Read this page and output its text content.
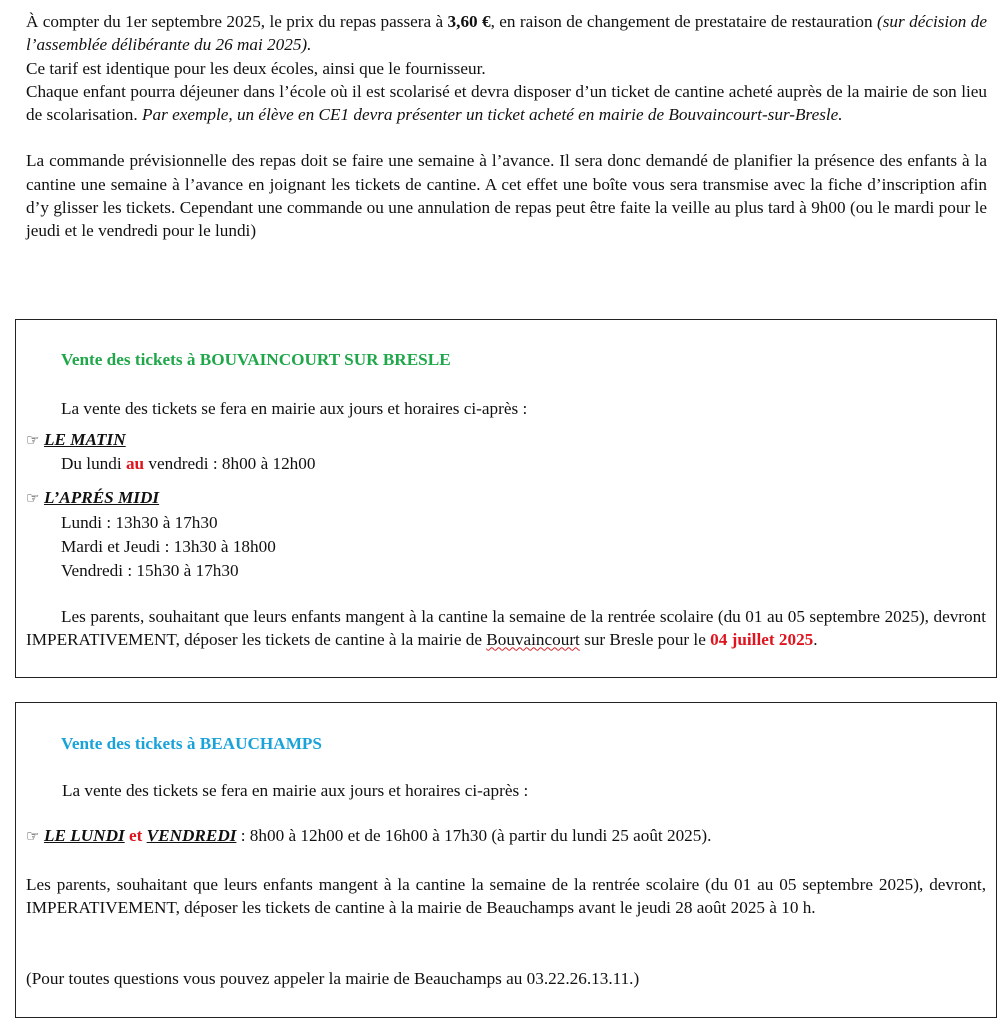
À compter du 1er septembre 2025, le prix du repas passera à 3,60 €, en raison de changement de prestataire de restauration (sur décision de l’assemblée délibérante du 26 mai 2025).

Ce tarif est identique pour les deux écoles, ainsi que le fournisseur.

Chaque enfant pourra déjeuner dans l’école où il est scolarisé et devra disposer d’un ticket de cantine acheté auprès de la mairie de son lieu de scolarisation. Par exemple, un élève en CE1 devra présenter un ticket acheté en mairie de Bouvaincourt-sur-Bresle.

La commande prévisionnelle des repas doit se faire une semaine à l’avance. Il sera donc demandé de planifier la présence des enfants à la cantine une semaine à l’avance en joignant les tickets de cantine. A cet effet une boîte vous sera transmise avec la fiche d’inscription afin d’y glisser les tickets. Cependant une commande ou une annulation de repas peut être faite la veille au plus tard à 9h00 (ou le mardi pour le jeudi et le vendredi pour le lundi)

Vente des tickets à BOUVAINCOURT SUR BRESLE
La vente des tickets se fera en mairie aux jours et horaires ci-après :
☞ LE MATIN
Du lundi au vendredi : 8h00 à 12h00
☞ L’APRÉS MIDI
Lundi : 13h30 à 17h30
Mardi et Jeudi : 13h30 à 18h00
Vendredi : 15h30 à 17h30

Les parents, souhaitant que leurs enfants mangent à la cantine la semaine de la rentrée scolaire (du 01 au 05 septembre 2025), devront IMPERATIVEMENT, déposer les tickets de cantine à la mairie de Bouvaincourt sur Bresle pour le 04 juillet 2025.

Vente des tickets à BEAUCHAMPS
La vente des tickets se fera en mairie aux jours et horaires ci-après :
☞ LE LUNDI et VENDREDI : 8h00 à 12h00 et de 16h00 à 17h30 (à partir du lundi 25 août 2025).
Les parents, souhaitant que leurs enfants mangent à la cantine la semaine de la rentrée scolaire (du 01 au 05 septembre 2025), devront, IMPERATIVEMENT, déposer les tickets de cantine à la mairie de Beauchamps avant le jeudi 28 août 2025 à 10 h.
(Pour toutes questions vous pouvez appeler la mairie de Beauchamps au 03.22.26.13.11.)
